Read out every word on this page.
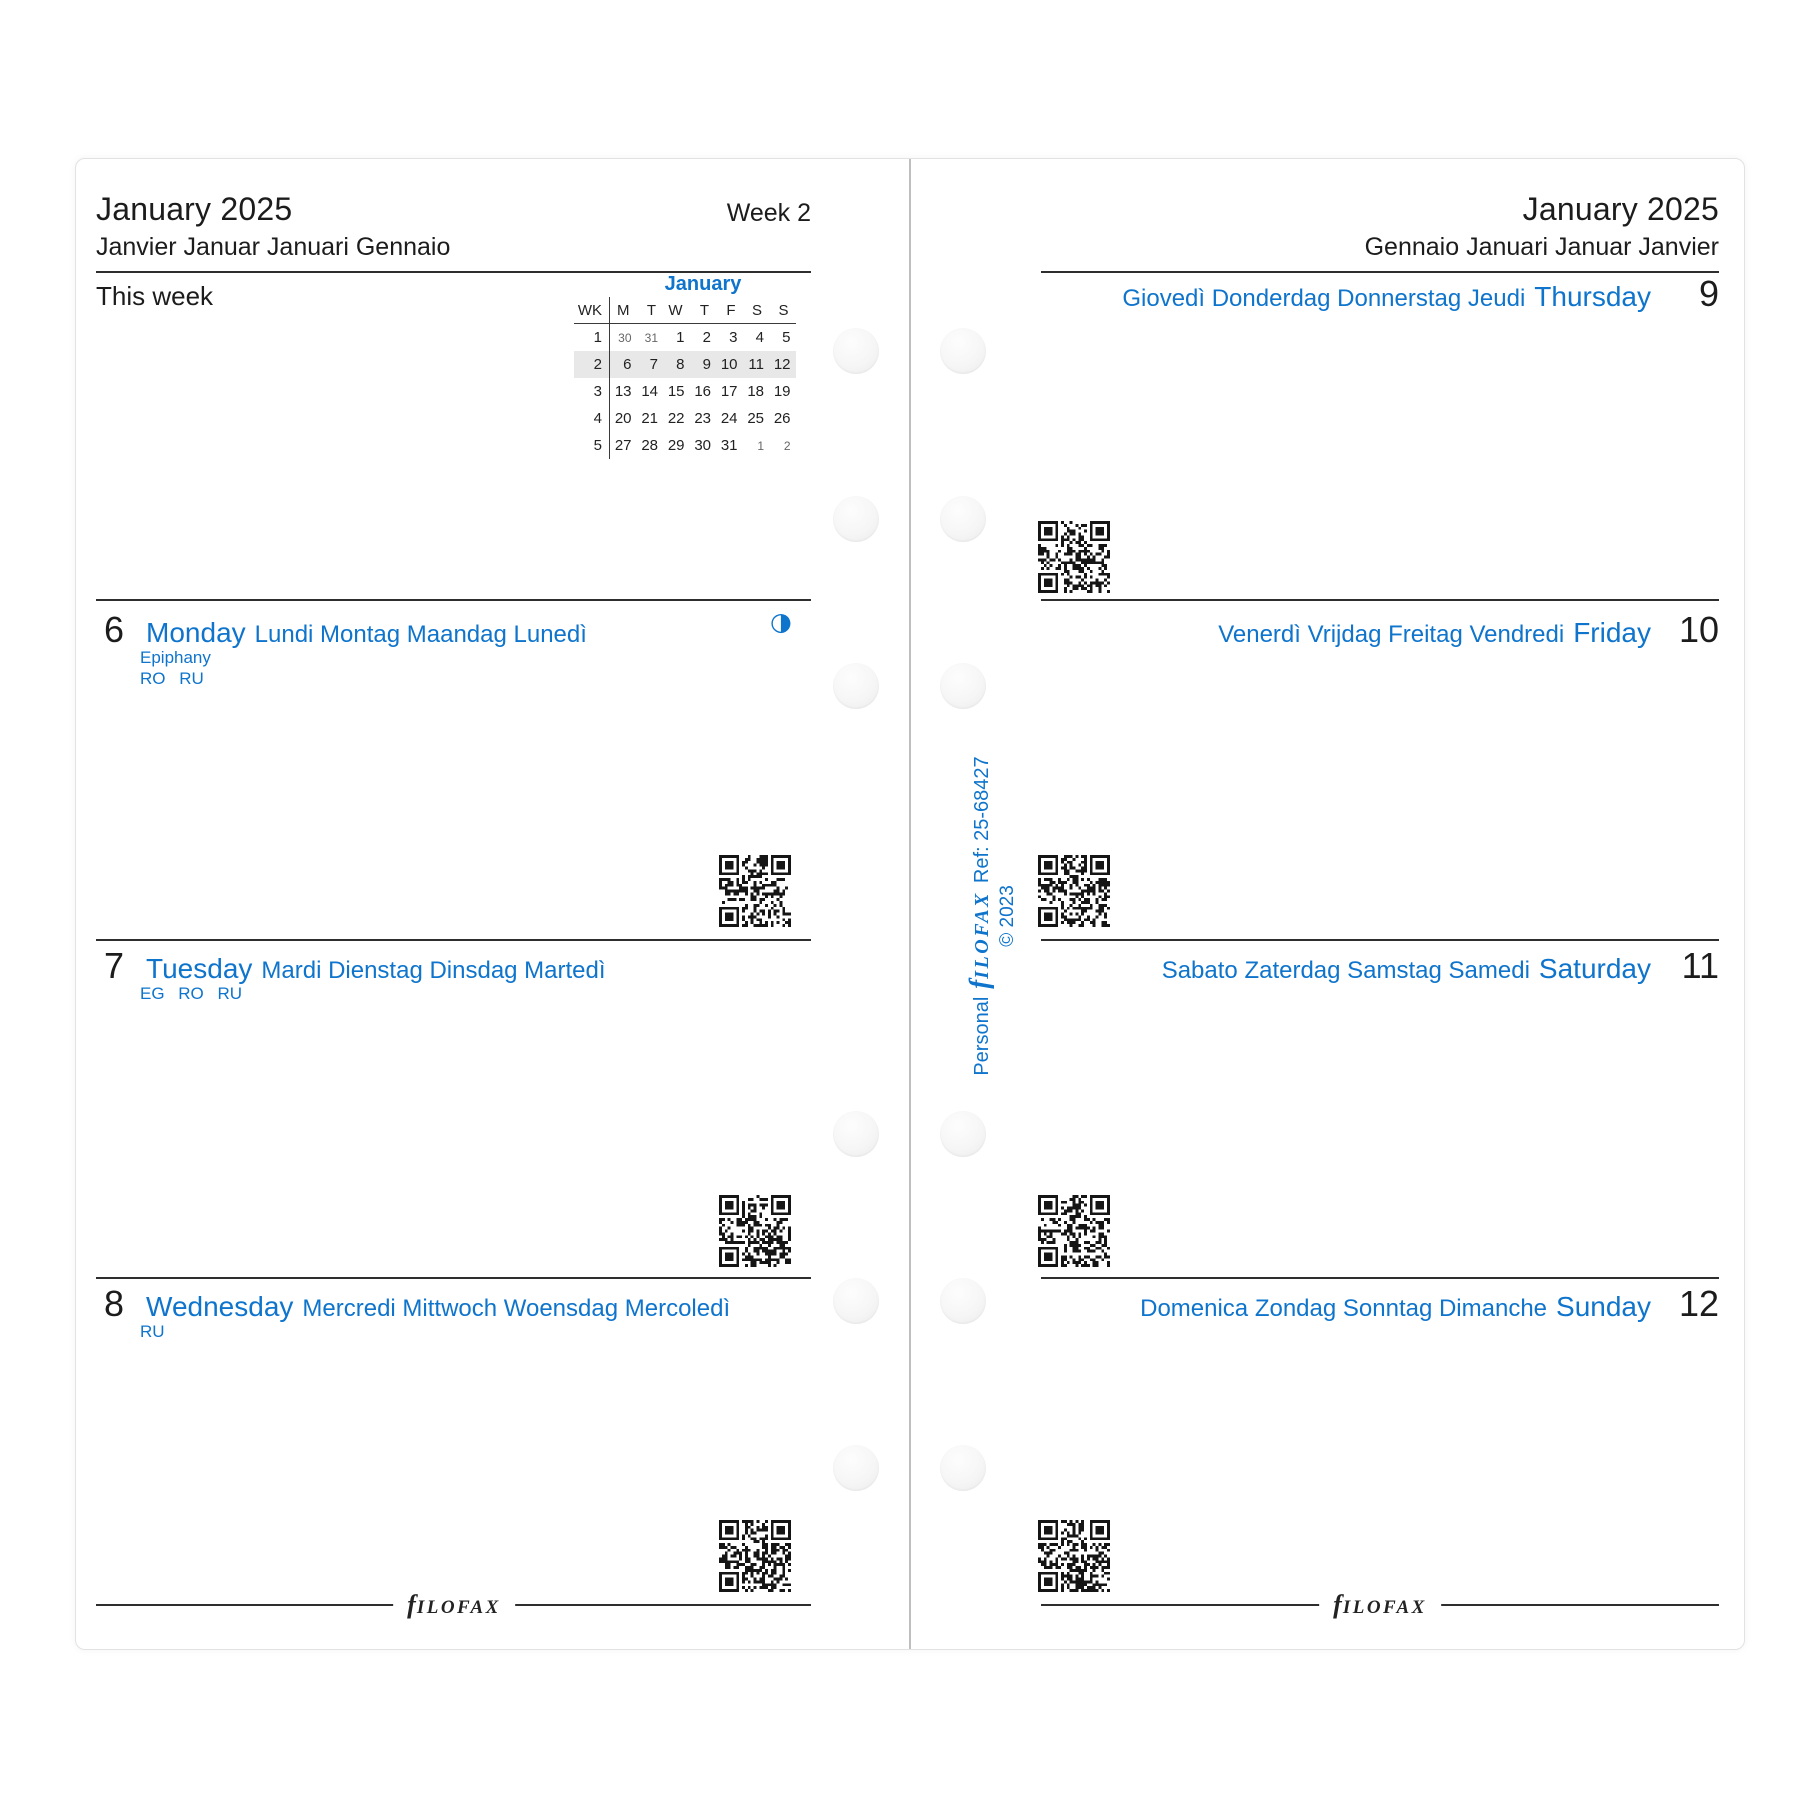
January 2025	Week 2
Janvier Januar Januari Gennaio
This week	January
WK	M	T W	T	F	S	S
1	30	31	1	2	3	4	5
2	6	7	8	9 10 11 12
3 13 14 15 16 17 18 19
4 20 21 22 23 24 25 26
5 27 28 29 30 31	1	2
6 Monday Lundi Montag Maandag Lunedì	◑
Epiphany
RO RU
7 Tuesday Mardi Dienstag Dinsdag Martedì
EG RO RU
8 Wednesday Mercredi Mittwoch Woensdag Mercoledì
RU
fILOFAX
January 2025
Gennaio Januari Januar Janvier
Giovedì Donderdag Donnerstag Jeudi Thursday	9
Venerdì Vrijdag Freitag Vendredi Friday 10
Sabato Zaterdag Samstag Samedi Saturday 11
Domenica Zondag Sonntag Dimanche Sunday 12
fILOFAX
Personal
fILOFAX
Ref: 25-68427
© 2023
